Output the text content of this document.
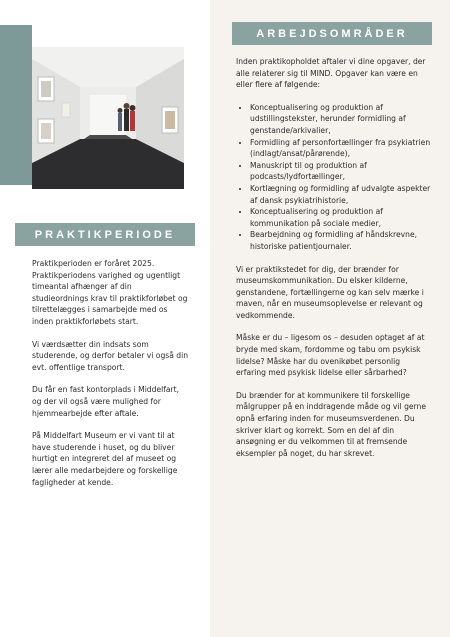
PRAKTIKPERIODE

Praktikperioden er foråret 2025. Praktikperiodens varighed og ugentligt timeantal afhænger af din studieordnings krav til praktikforløbet og tilrettelægges i samarbejde med os inden praktikforløbets start.

Vi værdsætter din indsats som studerende, og derfor betaler vi også din evt. offentlige transport.

Du får en fast kontorplads i Middelfart, og der vil også være mulighed for hjemmearbejde efter aftale.

På Middelfart Museum er vi vant til at have studerende i huset, og du bliver hurtigt en integreret del af museet og lærer alle medarbejdere og forskellige fagligheder at kende.

ARBEJDSOMRÅDER

Inden praktikopholdet aftaler vi dine opgaver, der alle relaterer sig til MIND. Opgaver kan være en eller flere af følgende:

• Konceptualisering og produktion af udstillingstekster, herunder formidling af genstande/arkivalier,
• Formidling af personfortællinger fra psykiatrien (indlagt/ansat/pårørende),
• Manuskript til og produktion af podcasts/lydfortællinger,
• Kortlægning og formidling af udvalgte aspekter af dansk psykiatrihistorie,
• Konceptualisering og produktion af kommunikation på sociale medier,
• Bearbejdning og formidling af håndskrevne, historiske patientjournaler.

Vi er praktikstedet for dig, der brænder for museumskommunikation. Du elsker kilderne, genstandene, fortællingerne og kan selv mærke i maven, når en museumsoplevelse er relevant og vedkommende.

Måske er du – ligesom os – desuden optaget af at bryde med skam, fordomme og tabu om psykisk lidelse? Måske har du ovenikøbet personlig erfaring med psykisk lidelse eller sårbarhed?

Du brænder for at kommunikere til forskellige målgrupper på en inddragende måde og vil gerne opnå erfaring inden for museumsverdenen. Du skriver klart og korrekt. Som en del af din ansøgning er du velkommen til at fremsende eksempler på noget, du har skrevet.
